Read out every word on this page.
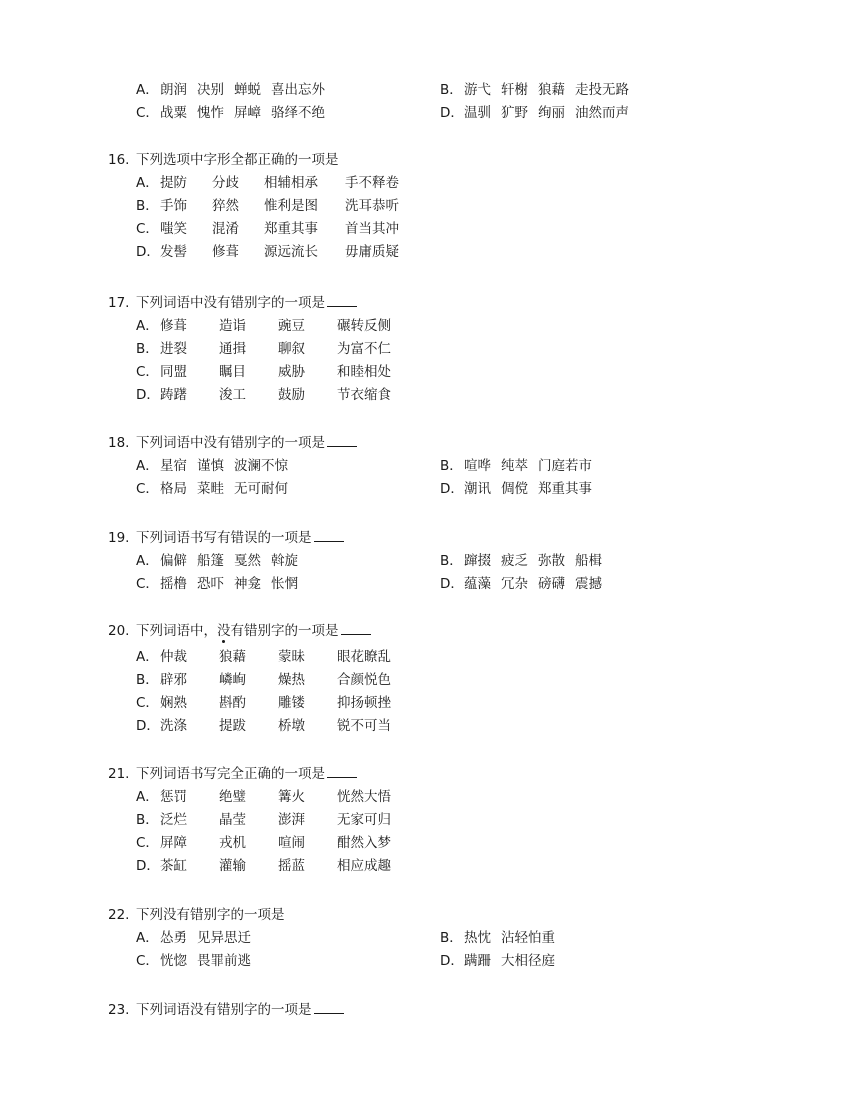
A．朗润 决别 蝉蜕 喜出忘外	B．游弋 轩榭 狼藉 走投无路
C．战粟 愧怍 屏嶂 骆绎不绝	D．温驯 犷野 绚丽 油然而声
16. 下列选项中字形全都正确的一项是
A． 提防 分歧 相辅相承 手不释卷
B． 手饰 猝然 惟利是图 洗耳恭听
C． 嗤笑 混淆 郑重其事 首当其冲
D． 发髻 修葺 源远流长 毋庸质疑
17. 下列词语中没有错别字的一项是
A． 修葺 造诣 豌豆 碾转反侧
B． 进裂 通揖 聊叙 为富不仁
C． 同盟 瞩目 威胁 和睦相处
D． 踌躇 浚工 鼓励 节衣缩食
18. 下列词语中没有错别字的一项是
A．星宿 谨慎 波澜不惊	B．喧哗 纯萃 门庭若市
C．格局 菜畦 无可耐何	D．潮讯 倜傥 郑重其事
19. 下列词语书写有错误的一项是
A．偏僻 船篷 戛然 斡旋	B．蹿掇 疲乏 弥散 船楫
C．摇橹 恐吓 神龛 怅惘	D．蕴藻 冗杂 磅礴 震撼
20. 下列词语中，没有错别字的一项是
A． 仲裁 狼藉 蒙昧 眼花瞭乱
B． 辟邪 嶙峋 燥热 合颜悦色
C． 娴熟 斟酌 雕镂 抑扬顿挫
D． 洗涤 提跋 桥墩 锐不可当
21. 下列词语书写完全正确的一项是
A． 惩罚 绝璧 篝火 恍然大悟
B． 泛烂 晶莹 澎湃 无家可归
C． 屏障 戎机 喧闹 酣然入梦
D． 茶缸 灌输 摇蓝 相应成趣
22. 下列没有错别字的一项是
A．怂勇 见异思迁	B．热忱 沾轻怕重
C．恍惚 畏罪前逃	D．蹒跚 大相径庭
23. 下列词语没有错别字的一项是
